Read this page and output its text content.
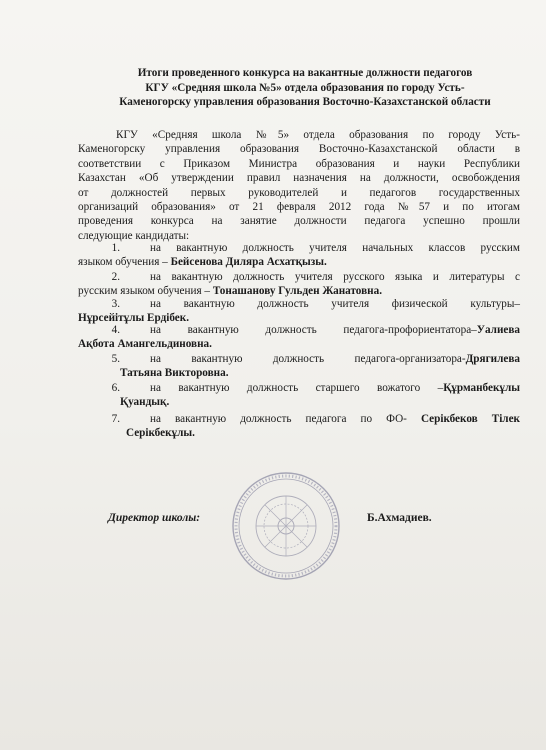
Итоги проведенного конкурса на вакантные должности педагогов
КГУ «Средняя школа №5» отдела образования по городу Усть-
Каменогорску управления образования Восточно-Казахстанской области
КГУ «Средняя школа №5» отдела образования по городу Усть-
Каменогорску управления образования Восточно-Казахстанской области в
соответствии с Приказом Министра образования и науки Республики
Казахстан «Об утверждении правил назначения на должности, освобождения
от должностей первых руководителей и педагогов государственных
организаций образования» от 21 февраля 2012 года №57 и по итогам
проведения конкурса на занятие должности педагога успешно прошли
следующие кандидаты:
1.	на вакантную должность учителя начальных классов русским
языком обучения – Бейсенова Диляра Асхатқызы.
2.	на вакантную должность учителя русского языка и литературы с
русским языком обучения – Тонашанову Гульден Жанатовна.
3.	на вакантную должность учителя физической культуры–
Нұрсейітұлы Ердібек.
4.	на вакантную должность педагога-профориентатора–Уалиева
Ақбота Амангельдиновна.
5.	на вакантную должность педагога-организатора-Дрягилева
Татьяна Викторовна.
6.	на вакантную должность старшего вожатого –Құрманбекұлы
Қуандық.
7.	на вакантную должность педагога по ФО- Серікбеков Тілек
Серікбекұлы.
Директор школы:	Б.Ахмадиев.
